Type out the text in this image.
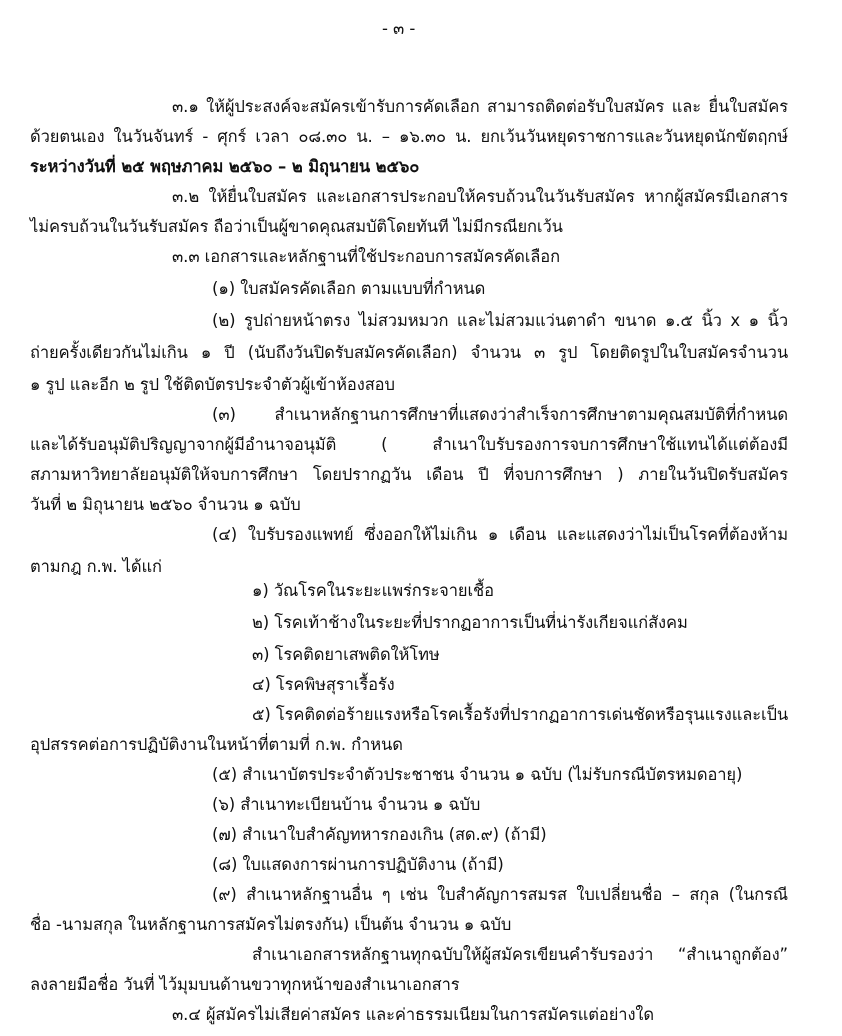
- ๓ -
๓.๑ ให้ผู้ประสงค์จะสมัครเข้ารับการคัดเลือก สามารถติดต่อรับใบสมัคร และ ยื่นใบสมัคร
ด้วยตนเอง ในวันจันทร์ - ศุกร์ เวลา ๐๘.๓๐ น. – ๑๖.๓๐ น. ยกเว้นวันหยุดราชการและวันหยุดนักขัตฤกษ์
ระหว่างวันที่ ๒๕ พฤษภาคม ๒๕๖๐ – ๒ มิถุนายน ๒๕๖๐
๓.๒ ให้ยื่นใบสมัคร และเอกสารประกอบให้ครบถ้วนในวันรับสมัคร หากผู้สมัครมีเอกสาร
ไม่ครบถ้วนในวันรับสมัคร ถือว่าเป็นผู้ขาดคุณสมบัติโดยทันที ไม่มีกรณียกเว้น
๓.๓ เอกสารและหลักฐานที่ใช้ประกอบการสมัครคัดเลือก
(๑) ใบสมัครคัดเลือก ตามแบบที่กำหนด
(๒) รูปถ่ายหน้าตรง ไม่สวมหมวก และไม่สวมแว่นตาดำ ขนาด ๑.๕ นิ้ว x ๑ นิ้ว
ถ่ายครั้งเดียวกันไม่เกิน ๑ ปี (นับถึงวันปิดรับสมัครคัดเลือก) จำนวน ๓ รูป โดยติดรูปในใบสมัครจำนวน
๑ รูป และอีก ๒ รูป ใช้ติดบัตรประจำตัวผู้เข้าห้องสอบ
(๓) สำเนาหลักฐานการศึกษาที่แสดงว่าสำเร็จการศึกษาตามคุณสมบัติที่กำหนด
และได้รับอนุมัติปริญญาจากผู้มีอำนาจอนุมัติ ( สำเนาใบรับรองการจบการศึกษาใช้แทนได้แต่ต้องมี
สภามหาวิทยาลัยอนุมัติให้จบการศึกษา โดยปรากฏวัน เดือน ปี ที่จบการศึกษา ) ภายในวันปิดรับสมัคร
วันที่ ๒ มิถุนายน ๒๕๖๐ จำนวน ๑ ฉบับ
(๔) ใบรับรองแพทย์ ซึ่งออกให้ไม่เกิน ๑ เดือน และแสดงว่าไม่เป็นโรคที่ต้องห้าม
ตามกฎ ก.พ. ได้แก่
๑) วัณโรคในระยะแพร่กระจายเชื้อ
๒) โรคเท้าช้างในระยะที่ปรากฏอาการเป็นที่น่ารังเกียจแก่สังคม
๓) โรคติดยาเสพติดให้โทษ
๔) โรคพิษสุราเรื้อรัง
๕) โรคติดต่อร้ายแรงหรือโรคเรื้อรังที่ปรากฏอาการเด่นชัดหรือรุนแรงและเป็น
อุปสรรคต่อการปฏิบัติงานในหน้าที่ตามที่ ก.พ. กำหนด
(๕) สำเนาบัตรประจำตัวประชาชน จำนวน ๑ ฉบับ (ไม่รับกรณีบัตรหมดอายุ)
(๖) สำเนาทะเบียนบ้าน จำนวน ๑ ฉบับ
(๗) สำเนาใบสำคัญทหารกองเกิน (สด.๙) (ถ้ามี)
(๘) ใบแสดงการผ่านการปฏิบัติงาน (ถ้ามี)
(๙) สำเนาหลักฐานอื่น ๆ เช่น ใบสำคัญการสมรส ใบเปลี่ยนชื่อ – สกุล (ในกรณี
ชื่อ -นามสกุล ในหลักฐานการสมัครไม่ตรงกัน) เป็นต้น จำนวน ๑ ฉบับ
สำเนาเอกสารหลักฐานทุกฉบับให้ผู้สมัครเขียนคำรับรองว่า “สำเนาถูกต้อง”
ลงลายมือชื่อ วันที่ ไว้มุมบนด้านขวาทุกหน้าของสำเนาเอกสาร
๓.๔ ผู้สมัครไม่เสียค่าสมัคร และค่าธรรมเนียมในการสมัครแต่อย่างใด
